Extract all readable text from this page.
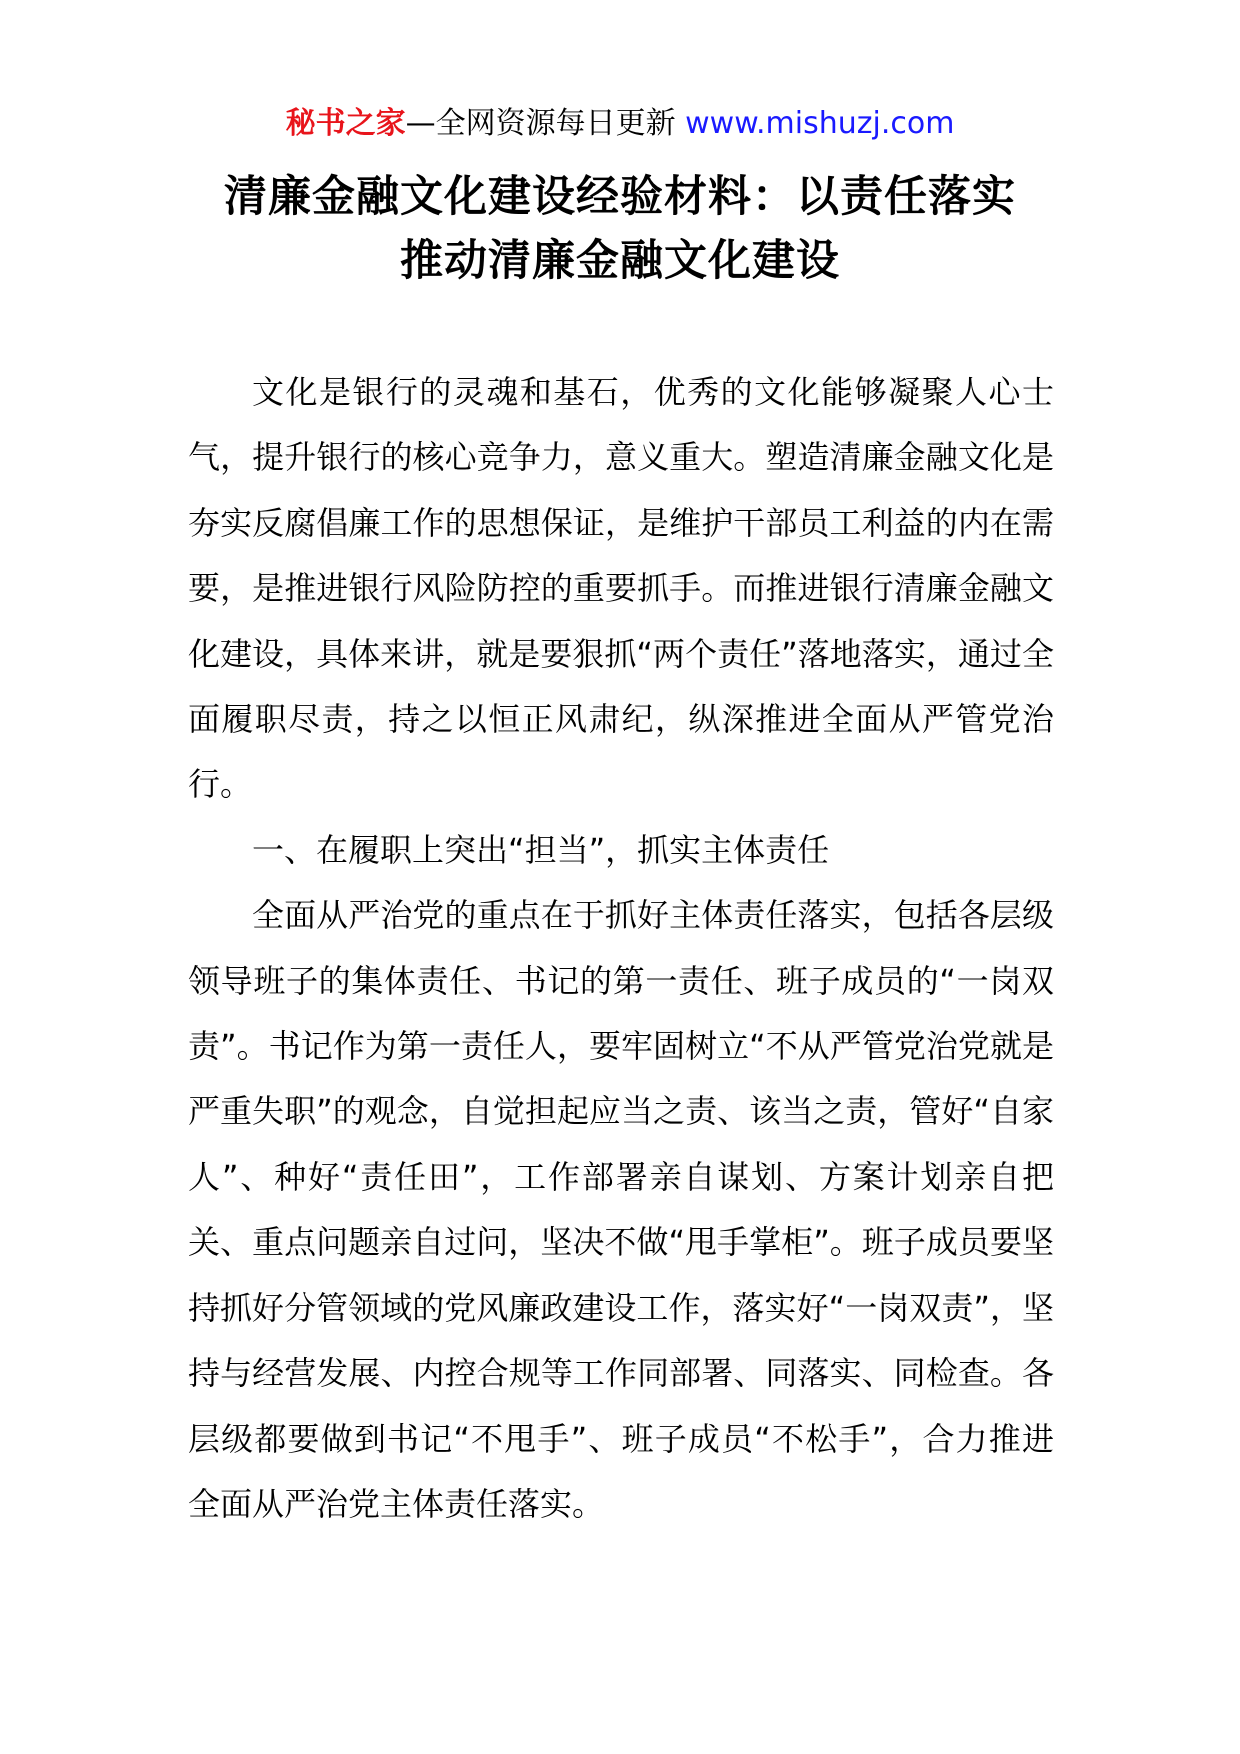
秘书之家—全网资源每日更新 www.mishuzj.com
清廉金融文化建设经验材料：以责任落实
推动清廉金融文化建设

文化是银行的灵魂和基石，优秀的文化能够凝聚人心士气，提升银行的核心竞争力，意义重大。塑造清廉金融文化是夯实反腐倡廉工作的思想保证，是维护干部员工利益的内在需要，是推进银行风险防控的重要抓手。而推进银行清廉金融文化建设，具体来讲，就是要狠抓“两个责任”落地落实，通过全面履职尽责，持之以恒正风肃纪，纵深推进全面从严管党治行。

一、在履职上突出“担当”，抓实主体责任

全面从严治党的重点在于抓好主体责任落实，包括各层级领导班子的集体责任、书记的第一责任、班子成员的“一岗双责”。书记作为第一责任人，要牢固树立“不从严管党治党就是严重失职”的观念，自觉担起应当之责、该当之责，管好“自家人”、种好“责任田”，工作部署亲自谋划、方案计划亲自把关、重点问题亲自过问，坚决不做“甩手掌柜”。班子成员要坚持抓好分管领域的党风廉政建设工作，落实好“一岗双责”，坚持与经营发展、内控合规等工作同部署、同落实、同检查。各层级都要做到书记“不甩手”、班子成员“不松手”，合力推进全面从严治党主体责任落实。
